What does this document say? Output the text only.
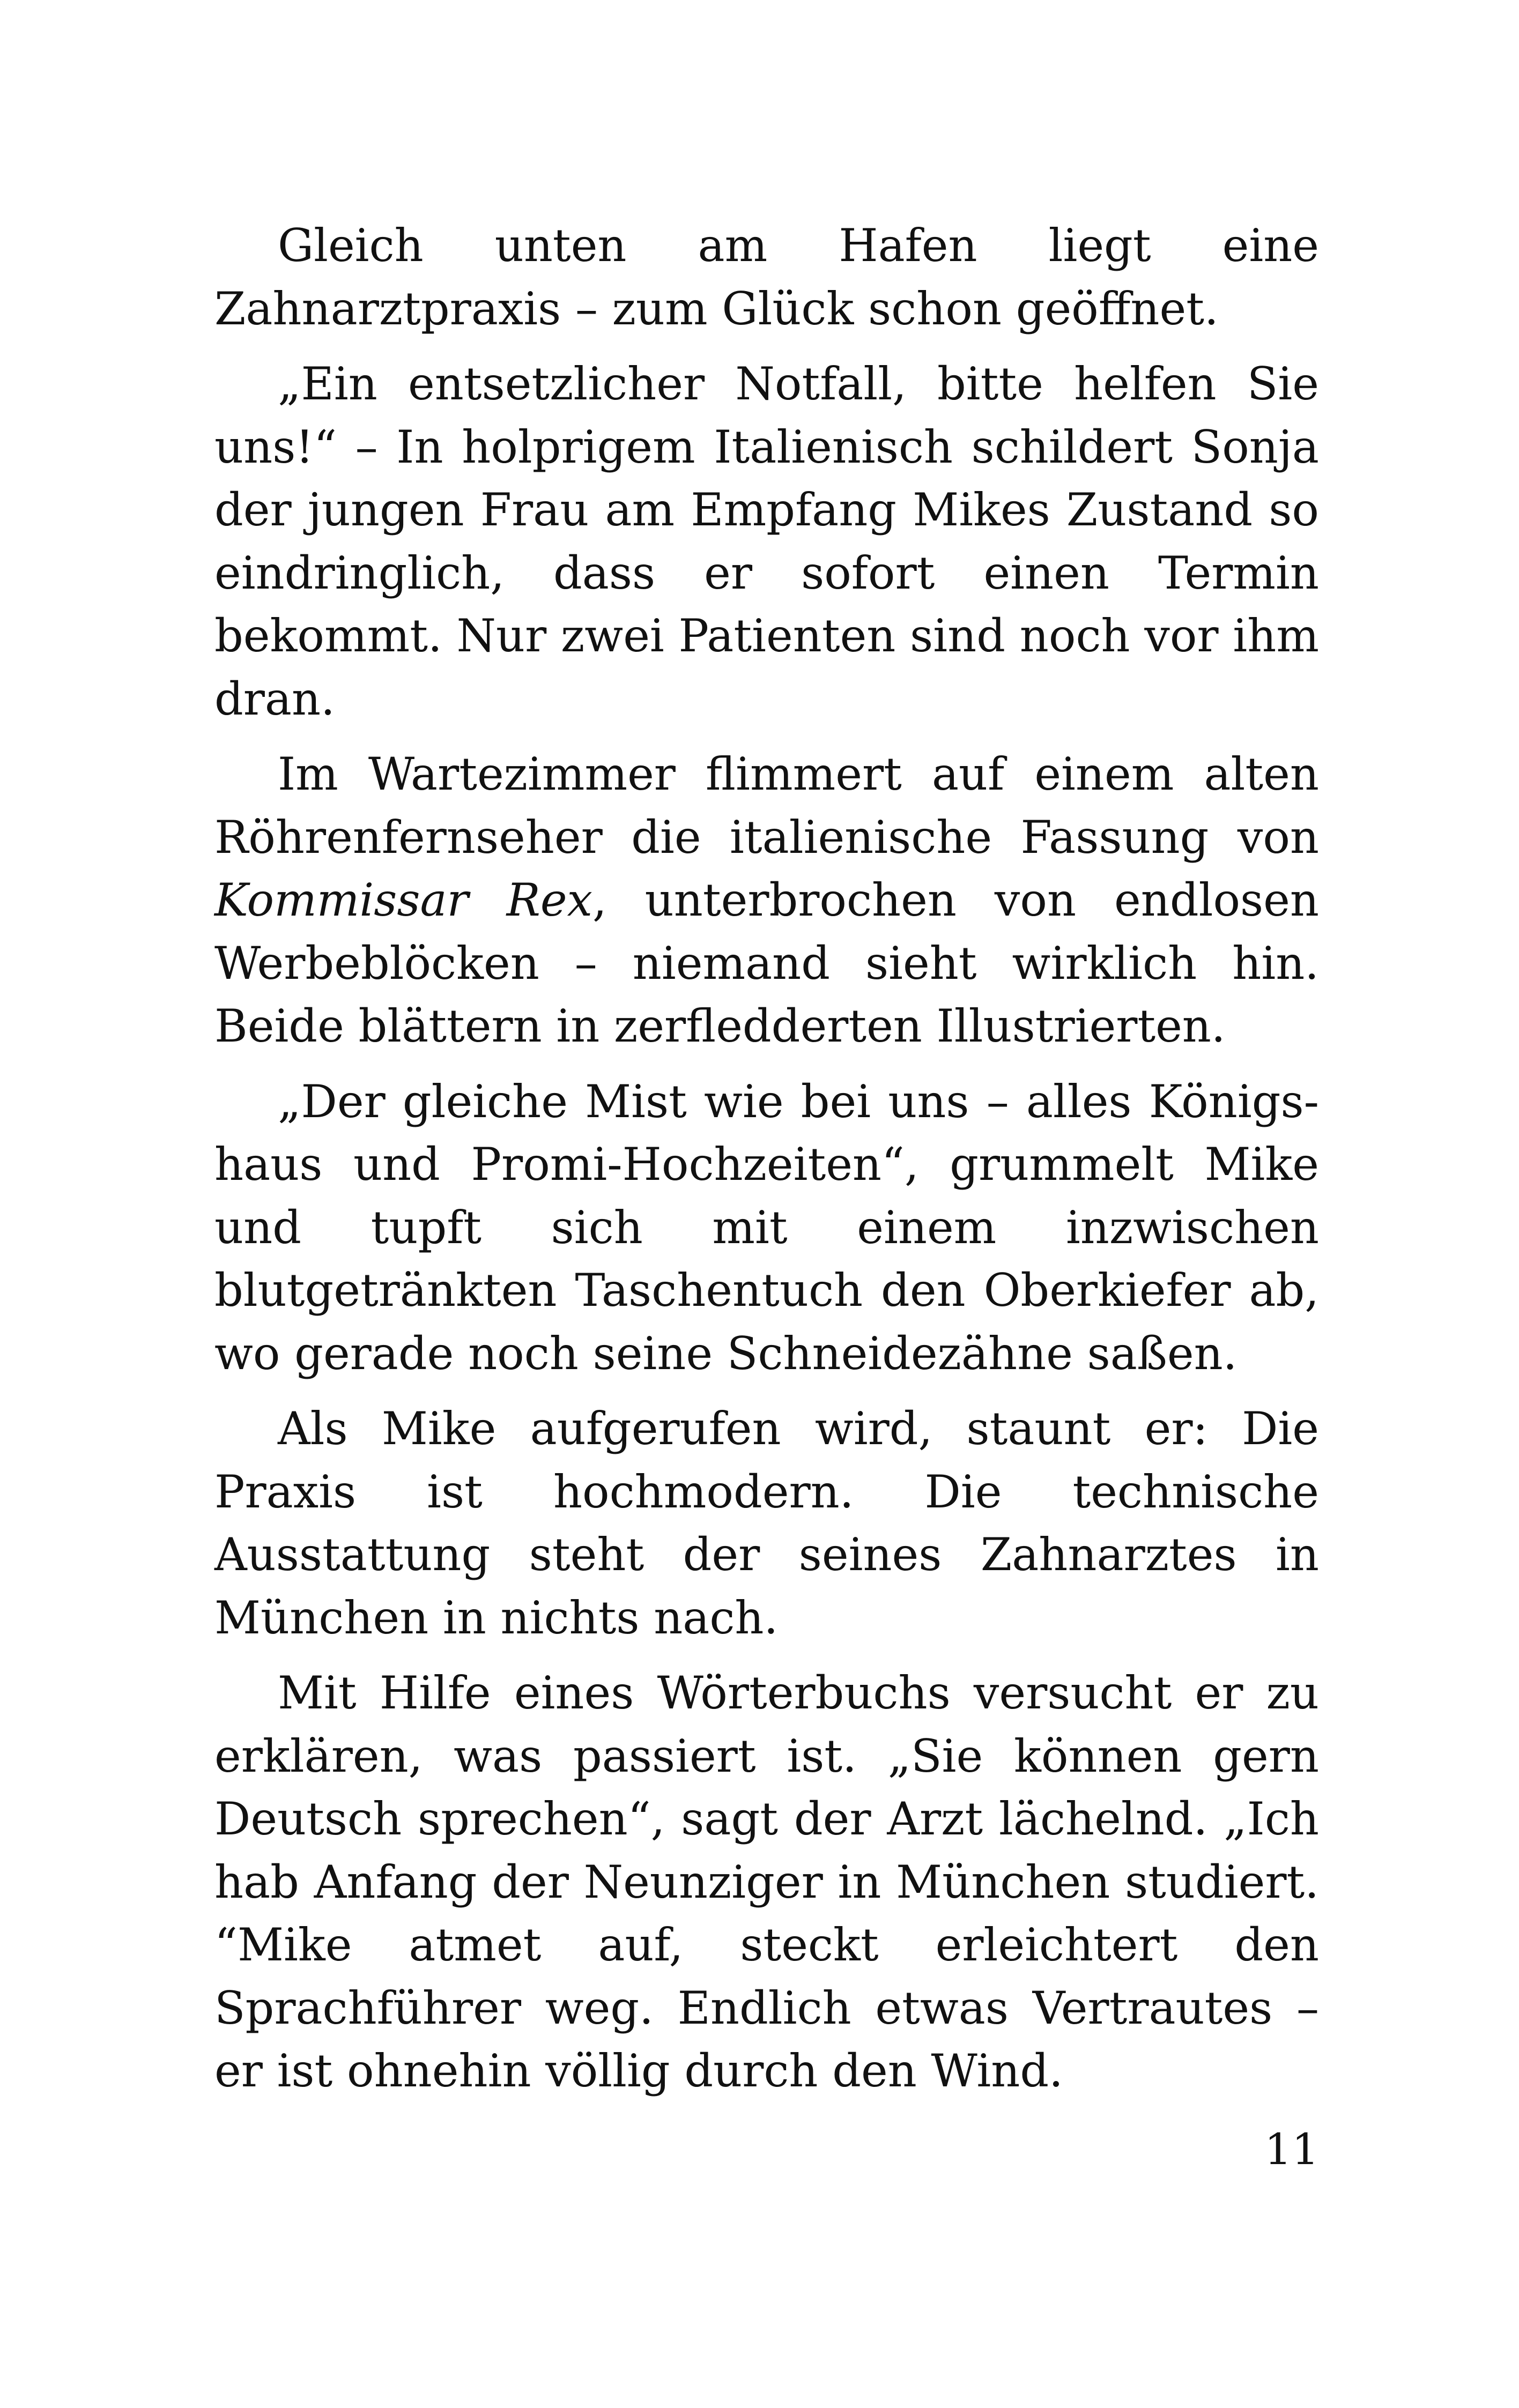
Gleich unten am Hafen liegt eine Zahnarztpraxis – zum Glück schon geöffnet.

„Ein entsetzlicher Notfall, bitte helfen Sie uns!“ – In holprigem Italienisch schildert Sonja der jungen Frau am Empfang Mikes Zustand so eindringlich, dass er sofort einen Termin bekommt. Nur zwei Patienten sind noch vor ihm dran.

Im Wartezimmer flimmert auf einem alten Röhrenfernseher die italienische Fassung von Kommissar Rex, unterbrochen von endlosen Werbeblöcken – niemand sieht wirklich hin. Beide blättern in zerfledderten Illustrierten.

„Der gleiche Mist wie bei uns – alles Königshaus und Promi-Hochzeiten“, grummelt Mike und tupft sich mit einem inzwischen blutgetränkten Taschentuch den Oberkiefer ab, wo gerade noch seine Schneidezähne saßen.

Als Mike aufgerufen wird, staunt er: Die Praxis ist hochmodern. Die technische Ausstattung steht der seines Zahnarztes in München in nichts nach.

Mit Hilfe eines Wörterbuchs versucht er zu erklären, was passiert ist. „Sie können gern Deutsch sprechen“, sagt der Arzt lächelnd. „Ich hab Anfang der Neunziger in München studiert. “Mike atmet auf, steckt erleichtert den Sprachführer weg. Endlich etwas Vertrautes – er ist ohnehin völlig durch den Wind.

11
